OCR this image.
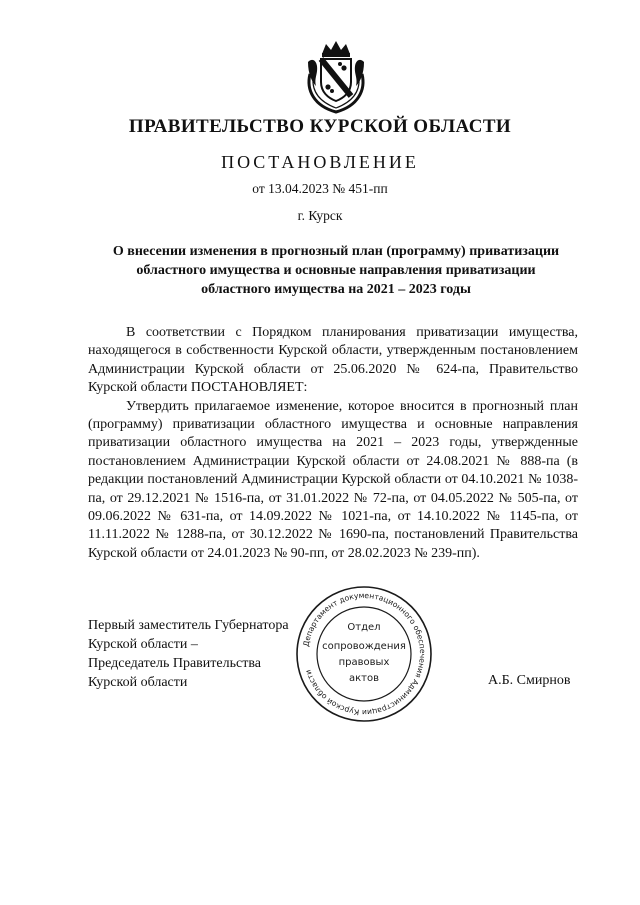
ПРАВИТЕЛЬСТВО КУРСКОЙ ОБЛАСТИ
ПОСТАНОВЛЕНИЕ
от 13.04.2023 № 451-пп
г. Курск
О внесении изменения в прогнозный план (программу) приватизации областного имущества и основные направления приватизации областного имущества на 2021 – 2023 годы

В соответствии с Порядком планирования приватизации имущества, находящегося в собственности Курской области, утвержденным постановлением Администрации Курской области от 25.06.2020 № 624-па, Правительство Курской области ПОСТАНОВЛЯЕТ:

Утвердить прилагаемое изменение, которое вносится в прогнозный план (программу) приватизации областного имущества и основные направления приватизации областного имущества на 2021 – 2023 годы, утвержденные постановлением Администрации Курской области от 24.08.2021 № 888-па (в редакции постановлений Администрации Курской области от 04.10.2021 № 1038-па, от 29.12.2021 № 1516-па, от 31.01.2022 № 72-па, от 04.05.2022 № 505-па, от 09.06.2022 № 631-па, от 14.09.2022 № 1021-па, от 14.10.2022 № 1145-па, от 11.11.2022 № 1288-па, от 30.12.2022 № 1690-па, постановлений Правительства Курской области от 24.01.2023 № 90-пп, от 28.02.2023 № 239-пп).

Первый заместитель Губернатора
Курской области –
Председатель Правительства
Курской области	А.Б. Смирнов
Департамент документационного обеспечения Администрации Курской области
Отдел
сопровождения
правовых
актов
